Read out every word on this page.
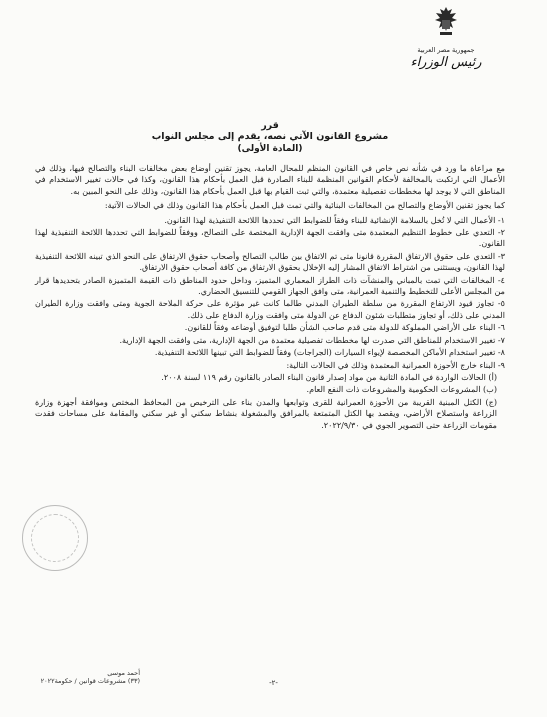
جمهورية مصر العربية
رئيس الوزراء

قرر

مشروع القانون الآتي نصه، يقدم إلى مجلس النواب

(المادة الأولى)

مع مراعاة ما ورد في شأنه نص خاص في القانون المنظم للمحال العامة، يجوز تقنين أوضاع بعض مخالفات البناء والتصالح فيها، وذلك في الأعمال التي ارتكبت بالمخالفة لأحكام القوانين المنظمة للبناء الصادرة قبل العمل بأحكام هذا القانون، وكذا في حالات تغيير الاستخدام في المناطق التي لا يوجد لها مخططات تفصيلية معتمدة، والتي ثبت القيام بها قبل العمل بأحكام هذا القانون، وذلك على النحو المبين به.

كما يجوز تقنين الأوضاع والتصالح من المخالفات البنائية والتي تمت قبل العمل بأحكام هذا القانون وذلك في الحالات الآتية:

١- الأعمال التي لا تُخل بالسلامة الإنشائية للبناء وفقاً للضوابط التي تحددها اللائحة التنفيذية لهذا القانون.
٢- التعدي على خطوط التنظيم المعتمدة متى وافقت الجهة الإدارية المختصة على التصالح، ووفقاً للضوابط التي تحددها اللائحة التنفيذية لهذا القانون.
٣- التعدي على حقوق الارتفاق المقررة قانونا متى تم الاتفاق بين طالب التصالح وأصحاب حقوق الارتفاق على النحو الذي تبينه اللائحة التنفيذية لهذا القانون، ويستثنى من اشتراط الاتفاق المشار إليه الإخلال بحقوق الارتفاق من كافة أصحاب حقوق الارتفاق.
٤- المخالفات التي تمت بالمباني والمنشآت ذات الطراز المعماري المتميز، وداخل حدود المناطق ذات القيمة المتميزة الصادر بتحديدها قرار من المجلس الأعلى للتخطيط والتنمية العمرانية، متى وافق الجهاز القومي للتنسيق الحضاري.
٥- تجاوز قيود الارتفاع المقررة من سلطة الطيران المدني طالما كانت غير مؤثرة على حركة الملاحة الجوية ومتى وافقت وزارة الطيران المدني على ذلك، أو تجاوز متطلبات شئون الدفاع عن الدولة متى وافقت وزارة الدفاع على ذلك.
٦- البناء على الأراضي المملوكة للدولة متى قدم صاحب الشأن طلبا لتوفيق أوضاعه وفقاً للقانون.
٧- تغيير الاستخدام للمناطق التي صدرت لها مخططات تفصيلية معتمدة من الجهة الإدارية، متى وافقت الجهة الإدارية.
٨- تغيير استخدام الأماكن المخصصة لإيواء السيارات (الجراجات) وفقاً للضوابط التي تبينها اللائحة التنفيذية.
٩- البناء خارج الأحوزة العمرانية المعتمدة وذلك في الحالات التالية:
(أ) الحالات الواردة في المادة الثانية من مواد إصدار قانون البناء الصادر بالقانون رقم ١١٩ لسنة ٢٠٠٨.
(ب) المشروعات الحكومية والمشروعات ذات النفع العام.
(ج) الكتل المبنية القريبة من الأحوزة العمرانية للقرى وتوابعها والمدن بناء على الترخيص من المحافظ المختص وموافقة أجهزة وزارة الزراعة واستصلاح الأراضي، ويقصد بها الكتل المتمتعة بالمرافق والمشغولة بنشاط سكني أو غير سكني والمقامة على مساحات فقدت مقومات الزراعة حتى التصوير الجوي في ٢٠٢٢/٩/٣٠.
أحمد موسى
(٣٣) مشروعات قوانين / حكومة٢٠٢٢	-٢-
